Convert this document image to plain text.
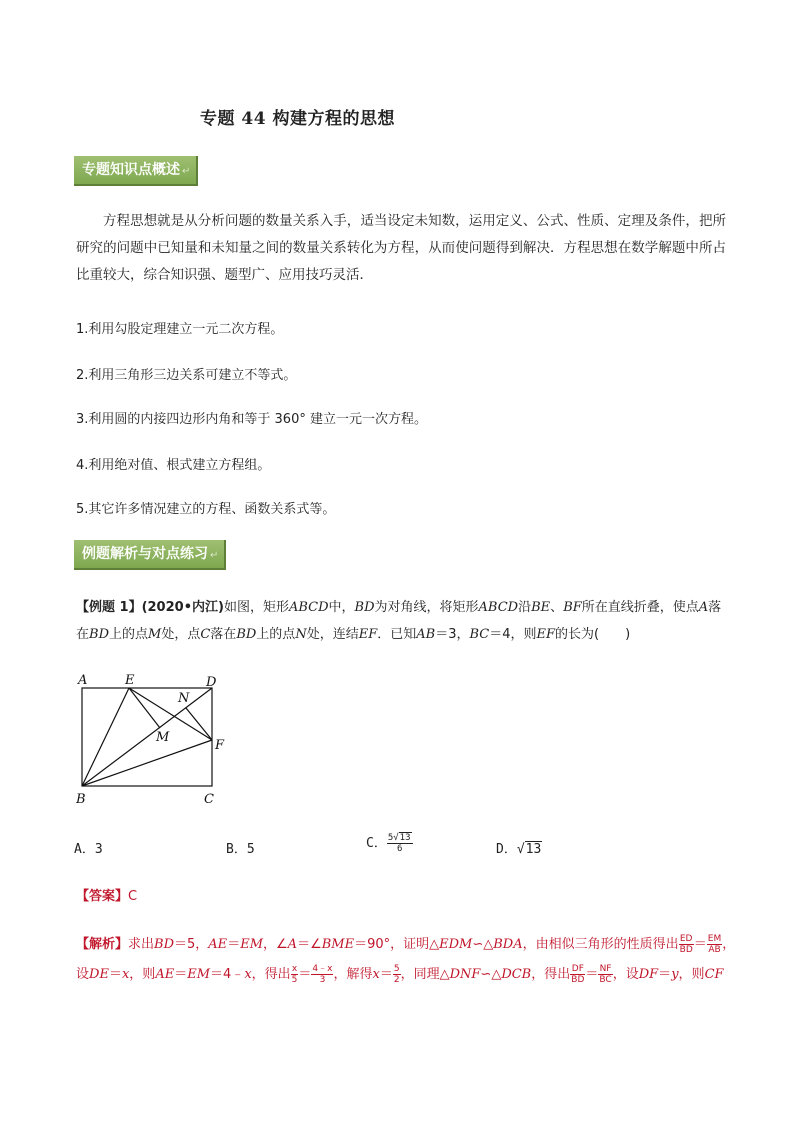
专题 44 构建方程的思想
专题知识点概述 ↵
方程思想就是从分析问题的数量关系入手，适当设定未知数，运用定义、公式、性质、定理及条件，把所研究的问题中已知量和未知量之间的数量关系转化为方程，从而使问题得到解决．方程思想在数学解题中所占比重较大，综合知识强、题型广、应用技巧灵活．
1.利用勾股定理建立一元二次方程。
2.利用三角形三边关系可建立不等式。
3.利用圆的内接四边形内角和等于 360° 建立一元一次方程。
4.利用绝对值、根式建立方程组。
5.其它许多情况建立的方程、函数关系式等。
例题解析与对点练习 ↵
【例题 1】(2020•内江)如图，矩形ABCD中，BD为对角线，将矩形ABCD沿BE、BF所在直线折叠，使点A落在BD上的点M处，点C落在BD上的点N处，连结EF．已知AB＝3，BC＝4，则EF的长为(　　)
A	E	D
N
M
F
B	C
A．3	B．5	C． $\frac{5√13}{6}$	D．√13
【答案】C
【解析】求出BD＝5，AE＝EM，∠A＝∠BME＝90°，证明△EDM∽△BDA，由相似三角形的性质得出 $\frac{ED}{BD} = \frac{EM}{AB}$ ，设DE＝x，则AE＝EM＝4﹣x，得出 $\frac{x}{5} = \frac{4﹣x}{3}$ ，解得$x= \frac{5}{2}$ ，同理△DNF∽△DCB，得出 $\frac{DF}{BD} = \frac{NF}{BC}$ ，设DF＝y，则CF
